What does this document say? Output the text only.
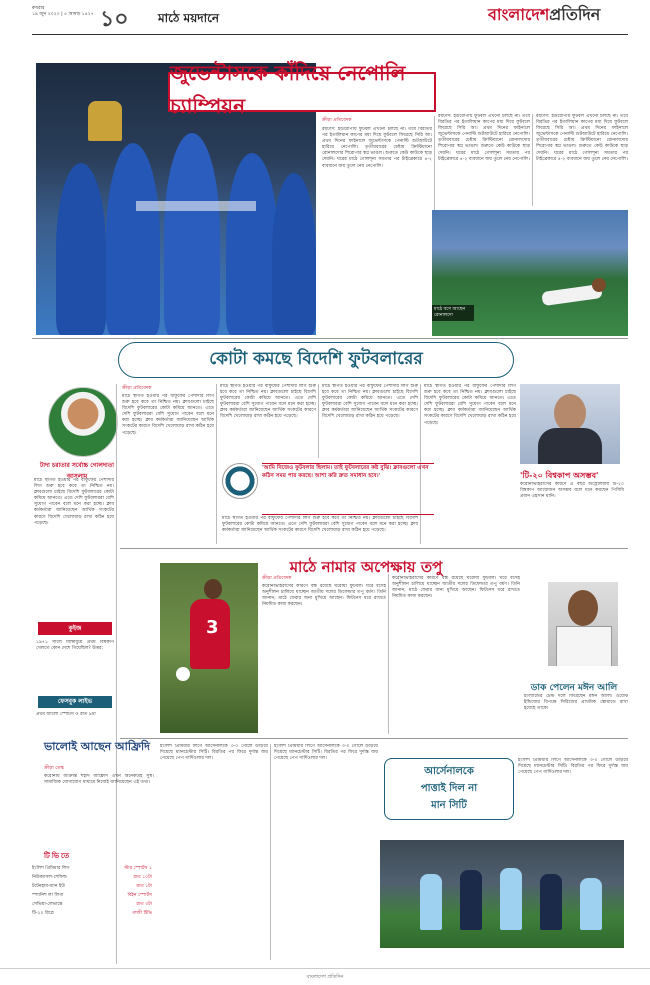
রুবরার
১৯ জুন ২০২০ | ৫ আষাঢ় ১৪২৭ ১০ মাঠে ময়দানে	বাংলাদেশপ্রতিদিন
জুভেন্টাসকে কাঁদিয়ে নেপোলি চ্যাম্পিয়ন
ক্রীড়া প্রতিবেদক
রয়টার্স: ইউরোপীয় ফুটবল এখনো চলছে না। তবে বিরতির পর ইতালিয়ান কাপের মধ্য দিয়ে ফুটবলে ফিরেছে সিরি আ। প্রথম দিনের ফাইনালে জুভেন্টাসকে পেনাল্টি শুটআউটে হারিয়ে নেপোলি। তৃতীয়বারের চেষ্টায় ক্রিস্টিয়ানো রোনালদোর শিরোপার স্বপ্ন ভাঙল। শুরুতে কেউ কাউকে ছাড় দেয়নি। ঘরের মাঠে গোলশূন্য সমতার পর টাইব্রেকারে ৪-২ ব্যবধানে জয় তুলে নেয় নেপোলি।
রয়টার্স: ইউরোপীয় ফুটবল এখনো চলছে না। তবে বিরতির পর ইতালিয়ান কাপের মধ্য দিয়ে ফুটবলে ফিরেছে সিরি আ। প্রথম দিনের ফাইনালে জুভেন্টাসকে পেনাল্টি শুটআউটে হারিয়ে নেপোলি। তৃতীয়বারের চেষ্টায় ক্রিস্টিয়ানো রোনালদোর শিরোপার স্বপ্ন ভাঙল। শুরুতে কেউ কাউকে ছাড় দেয়নি। ঘরের মাঠে গোলশূন্য সমতার পর টাইব্রেকারে ৪-২ ব্যবধানে জয় তুলে নেয় নেপোলি।
রয়টার্স: ইউরোপীয় ফুটবল এখনো চলছে না। তবে বিরতির পর ইতালিয়ান কাপের মধ্য দিয়ে ফুটবলে ফিরেছে সিরি আ। প্রথম দিনের ফাইনালে জুভেন্টাসকে পেনাল্টি শুটআউটে হারিয়ে নেপোলি। তৃতীয়বারের চেষ্টায় ক্রিস্টিয়ানো রোনালদোর শিরোপার স্বপ্ন ভাঙল। শুরুতে কেউ কাউকে ছাড় দেয়নি। ঘরের মাঠে গোলশূন্য সমতার পর টাইব্রেকারে ৪-২ ব্যবধানে জয় তুলে নেয় নেপোলি।
মাঠে বসে আছেন রোনালদো
কোটা কমছে বিদেশি ফুটবলারের
টাদা চরাতার সর্বোচ্চ গোলদাতা আসলাম
ক্রীড়া প্রতিবেদক
মার্চে স্থগিত হওয়ার পর বাফুফের পেশাদার লিগ শুরু হবে কবে তা নিশ্চিত নয়। ক্লাবগুলো চাইছে বিদেশি ফুটবলারের কোটা কমিয়ে আনতে। এতে দেশি ফুটবলাররা বেশি সুযোগ পাবেন বলে মনে করা হচ্ছে। ক্লাব কর্মকর্তারা জানিয়েছেন আর্থিক সংকটের কারণে বিদেশি খেলোয়াড় রাখা কঠিন হয়ে পড়েছে।
মার্চে স্থগিত হওয়ার পর বাফুফের পেশাদার লিগ শুরু হবে কবে তা নিশ্চিত নয়। ক্লাবগুলো চাইছে বিদেশি ফুটবলারের কোটা কমিয়ে আনতে। এতে দেশি ফুটবলাররা বেশি সুযোগ পাবেন বলে মনে করা হচ্ছে। ক্লাব কর্মকর্তারা জানিয়েছেন আর্থিক সংকটের কারণে বিদেশি খেলোয়াড় রাখা কঠিন হয়ে পড়েছে।
মার্চে স্থগিত হওয়ার পর বাফুফের পেশাদার লিগ শুরু হবে কবে তা নিশ্চিত নয়। ক্লাবগুলো চাইছে বিদেশি ফুটবলারের কোটা কমিয়ে আনতে। এতে দেশি ফুটবলাররা বেশি সুযোগ পাবেন বলে মনে করা হচ্ছে। ক্লাব কর্মকর্তারা জানিয়েছেন আর্থিক সংকটের কারণে বিদেশি খেলোয়াড় রাখা কঠিন হয়ে পড়েছে।
মার্চে স্থগিত হওয়ার পর বাফুফের পেশাদার লিগ শুরু হবে কবে তা নিশ্চিত নয়। ক্লাবগুলো চাইছে বিদেশি ফুটবলারের কোটা কমিয়ে আনতে। এতে দেশি ফুটবলাররা বেশি সুযোগ পাবেন বলে মনে করা হচ্ছে। ক্লাব কর্মকর্তারা জানিয়েছেন আর্থিক সংকটের কারণে বিদেশি খেলোয়াড় রাখা কঠিন হয়ে পড়েছে।
'আমি নিজেও ফুটবলার ছিলাম। তাই ফুটবলারের কষ্ট বুঝি। ক্লাবগুলো এখন কঠিন সময় পার করছে। আশা করি দ্রুত সমাধান হবে।'
মার্চে স্থগিত হওয়ার পর বাফুফের পেশাদার লিগ শুরু হবে কবে তা নিশ্চিত নয়। ক্লাবগুলো চাইছে বিদেশি ফুটবলারের কোটা কমিয়ে আনতে। এতে দেশি ফুটবলাররা বেশি সুযোগ পাবেন বলে মনে করা হচ্ছে। ক্লাব কর্মকর্তারা জানিয়েছেন আর্থিক সংকটের কারণে বিদেশি খেলোয়াড় রাখা কঠিন হয়ে পড়েছে।
'টি-২০ বিশ্বকাপ অসম্ভব'
করোনাভাইরাসের কারণে এ বছর অস্ট্রেলিয়ায় টি-২০ বিশ্বকাপ আয়োজন অসম্ভব বলে মনে করছেন পিসিবি প্রধান এহসান মানি।
মার্চে স্থগিত হওয়ার পর বাফুফের পেশাদার লিগ শুরু হবে কবে তা নিশ্চিত নয়। ক্লাবগুলো চাইছে বিদেশি ফুটবলারের কোটা কমিয়ে আনতে। এতে দেশি ফুটবলাররা বেশি সুযোগ পাবেন বলে মনে করা হচ্ছে। ক্লাব কর্মকর্তারা জানিয়েছেন আর্থিক সংকটের কারণে বিদেশি খেলোয়াড় রাখা কঠিন হয়ে পড়েছে।
কুইজ
১৯৭১ সালে জিম্বাবুয়ে প্রথম বিশ্বকাপ খেলতে কোন দেশে গিয়েছিল? উত্তর:
ফেসবুক লাইভ
প্রথম আলো স্পোর্টস ও রাত ৯টা
মাঠে নামার অপেক্ষায় তপু
3
ক্রীড়া প্রতিবেদক
করোনাভাইরাসের কারণে বন্ধ রয়েছে ঘরোয়া ফুটবল। ঘরে বসেই অনুশীলন চালিয়ে যাচ্ছেন জাতীয় দলের ডিফেন্ডার তপু বর্মণ। তিনি জানান, মাঠে ফেরার জন্য মুখিয়ে আছেন। ফিটনেস ধরে রাখতে নিয়মিত কাজ করছেন।
করোনাভাইরাসের কারণে বন্ধ রয়েছে ঘরোয়া ফুটবল। ঘরে বসেই অনুশীলন চালিয়ে যাচ্ছেন জাতীয় দলের ডিফেন্ডার তপু বর্মণ। তিনি জানান, মাঠে ফেরার জন্য মুখিয়ে আছেন। ফিটনেস ধরে রাখতে নিয়মিত কাজ করছেন।
ডাক পেলেন মঈন আলি
ইংল্যান্ডের টেস্ট দলে ফিরেছেন মঈন আলি। ওয়েস্ট ইন্ডিজের বিপক্ষে সিরিজের প্রাথমিক স্কোয়াডে রাখা হয়েছে তাকে।
ভালোই আছেন আফ্রিদি
ক্রীড়া ডেস্ক
করোনায় আক্রান্ত শহীদ আফ্রিদি এখন অনেকটাই সুস্থ। সামাজিক যোগাযোগ মাধ্যমে নিজেই জানিয়েছেন এই তথ্য।
ইংলিশ প্রিমিয়ার লিগে আর্সেনালকে ৩-০ গোলে উড়িয়ে দিয়েছে ম্যানচেস্টার সিটি। বিরতির পর ফিরে দুর্দান্ত জয় পেয়েছে পেপ গার্দিওলার দল।
ইংলিশ প্রিমিয়ার লিগে আর্সেনালকে ৩-০ গোলে উড়িয়ে দিয়েছে ম্যানচেস্টার সিটি। বিরতির পর ফিরে দুর্দান্ত জয় পেয়েছে পেপ গার্দিওলার দল।
আর্সেনালকে
পাত্তাই দিল না
মান সিটি
ইংলিশ প্রিমিয়ার লিগে আর্সেনালকে ৩-০ গোলে উড়িয়ে দিয়েছে ম্যানচেস্টার সিটি। বিরতির পর ফিরে দুর্দান্ত জয় পেয়েছে পেপ গার্দিওলার দল।
টিভিতে
ইংলিশ প্রিমিয়ার লিগ	স্টার স্পোর্টস ১
নিউক্যাসল-শেফিল্ড	রাত ১০টা
টটেনহাম-ম্যান ইউ	রাত ১টা
স্প্যানিশ লা লিগা	বিইন স্পোর্টস
সেভিয়া-লেভান্তে	রাত ৩টা
টি-২০ রিপ্লে	গাজী টিভি
বাংলাদেশ প্রতিদিন
